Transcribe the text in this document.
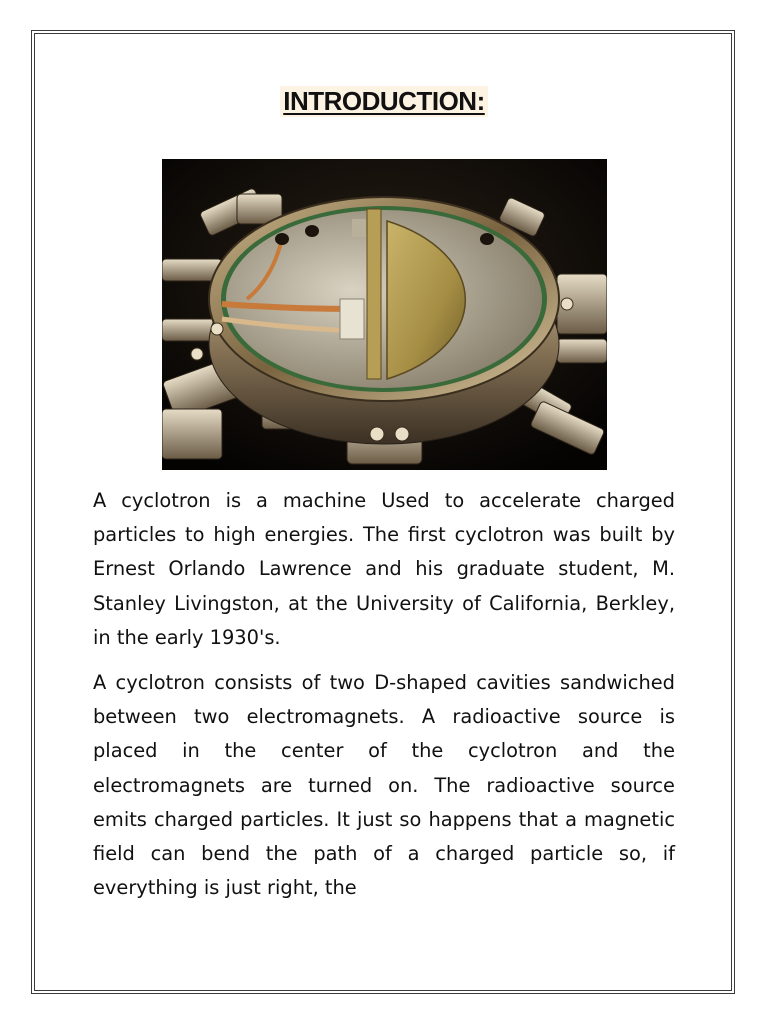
INTRODUCTION:

A cyclotron is a machine Used to accelerate charged particles to high energies. The first cyclotron was built by Ernest Orlando Lawrence and his graduate student, M. Stanley Livingston, at the University of California, Berkley, in the early 1930's.

A cyclotron consists of two D-shaped cavities sandwiched between two electromagnets. A radioactive source is placed in the center of the cyclotron and the electromagnets are turned on. The radioactive source emits charged particles. It just so happens that a magnetic field can bend the path of a charged particle so, if everything is just right, the
